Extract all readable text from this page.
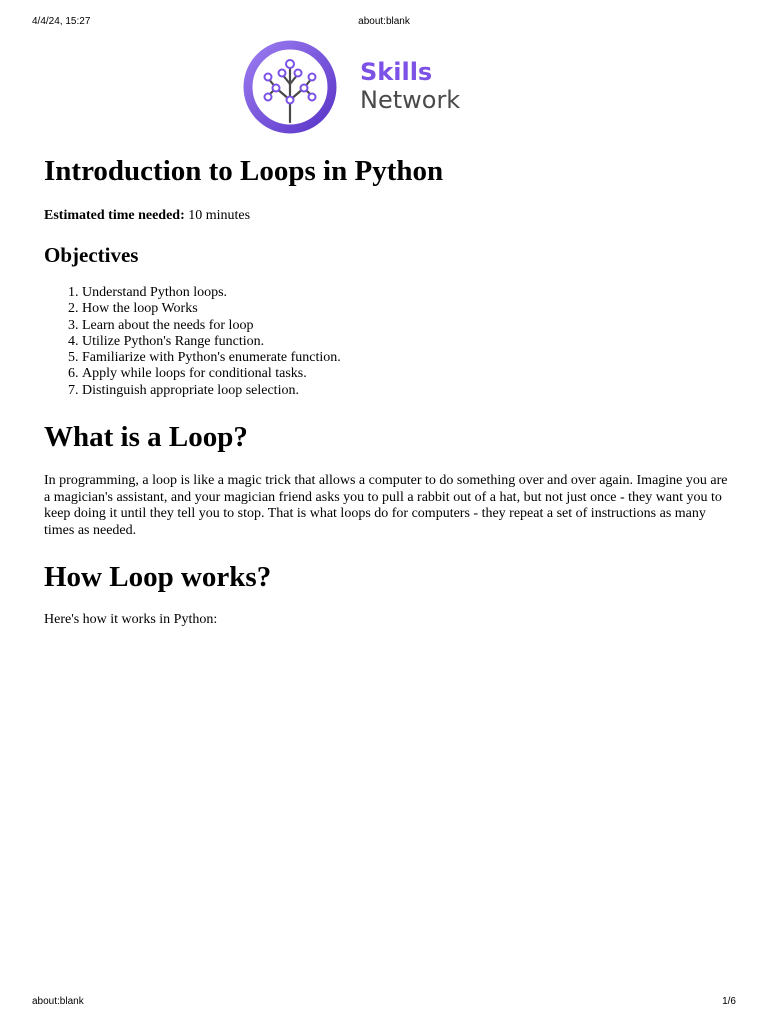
4/4/24, 15:27	about:blank
Skills
Network
Introduction to Loops in Python
Estimated time needed: 10 minutes
Objectives
1. Understand Python loops.
2. How the loop Works
3. Learn about the needs for loop
4. Utilize Python's Range function.
5. Familiarize with Python's enumerate function.
6. Apply while loops for conditional tasks.
7. Distinguish appropriate loop selection.
What is a Loop?

In programming, a loop is like a magic trick that allows a computer to do something over and over again. Imagine you are a magician's assistant, and your magician friend asks you to pull a rabbit out of a hat, but not just once - they want you to keep doing it until they tell you to stop. That is what loops do for computers - they repeat a set of instructions as many times as needed.

How Loop works?

Here's how it works in Python:

about:blank	1/6
